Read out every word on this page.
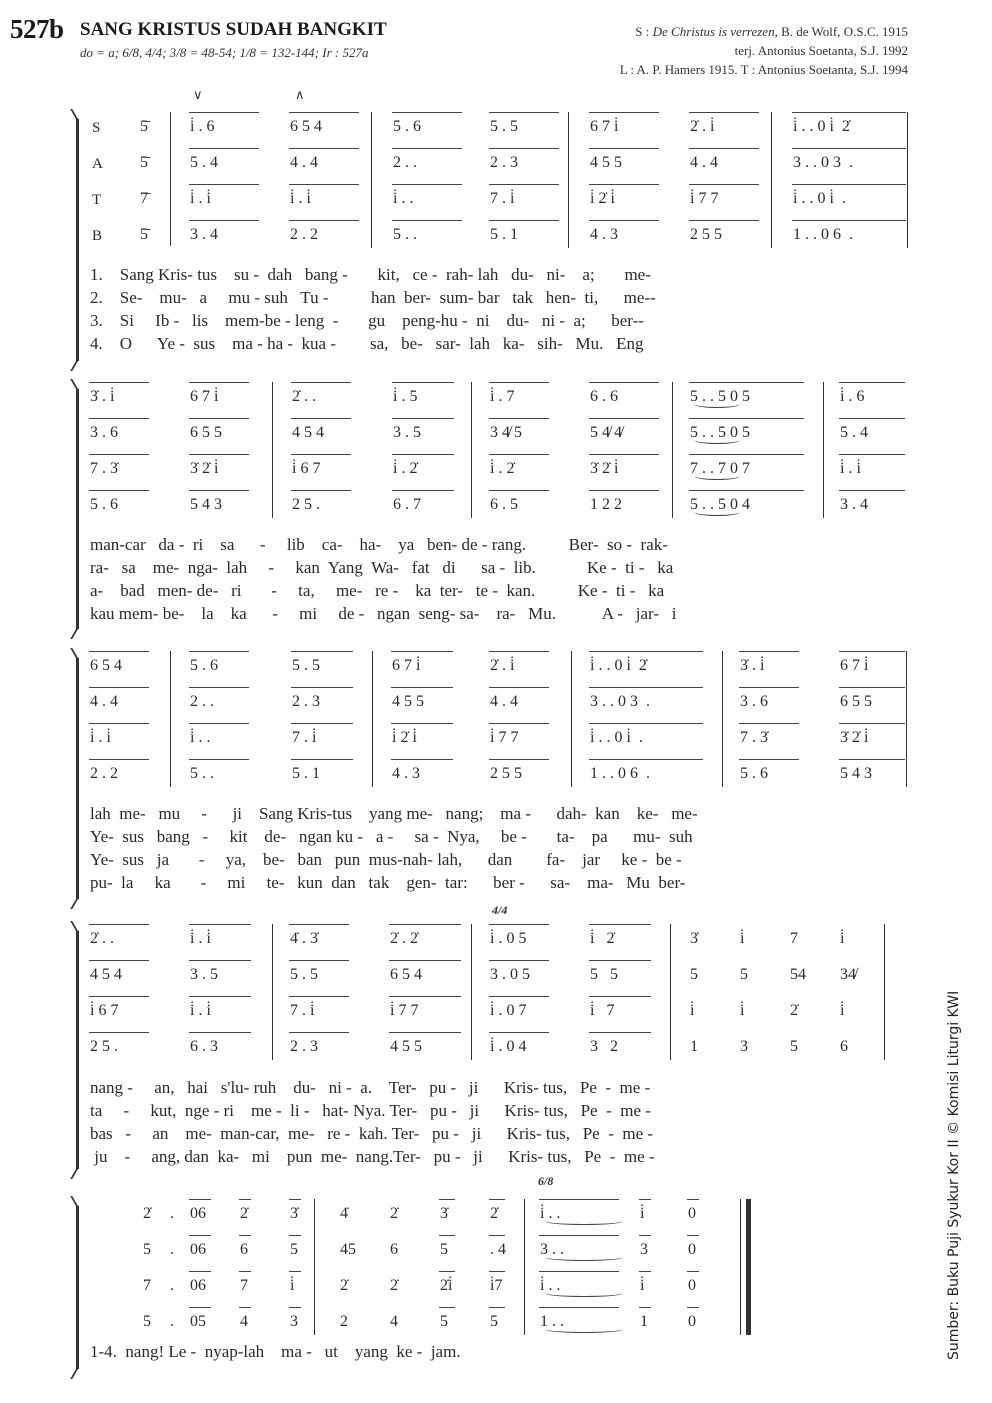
527b SANG KRISTUS SUDAH BANGKIT
do = a; 6/8, 4/4; 3/8 = 48-54; 1/8 = 132-144; Ir : 527a
S : De Christus is verrezen, B. de Wolf, O.S.C. 1915
terj. Antonius Soetanta, S.J. 1992
L : A. P. Hamers 1915. T : Antonius Soetanta, S.J. 1994
∨	∧
4/4
6/8
S 5̄
A 5̄
T 7̄
B 5̄
i̇ . 6	6 5 4	5 . 6	5 . 5	6 7 i̇	2̇ . i̇	i̇ . . 0 i̇  2̇
5 . 4	4 . 4	2 . .	2 . 3	4 5 5	4 . 4	3 . . 0 3  .
i̇ . i̇	i̇ . i̇	i̇ . .	7 . i̇	i̇ 2̇ i̇	i̇ 7 7	i̇ . . 0 i̇  .
3 . 4	2 . 2	5 . .	5 . 1	4 . 3	2 5 5	1 . . 0 6  .
1.    Sang Kris- tus    su -  dah   bang -       kit,   ce -  rah- lah   du-   ni-    a;       me-
2.    Se-    mu-   a     mu - suh   Tu -          han  ber-  sum- bar   tak   hen-  ti,      me--
3.    Si     Ib -   lis    mem-be - leng  -       gu    peng-hu -  ni    du-   ni -  a;      ber--
4.    O      Ye -  sus    ma - ha -  kua -        sa,   be-   sar-  lah   ka-   sih-   Mu.   Eng
3̇ . i̇	6 7 i̇	2̇ . .	i̇ . 5	i̇ . 7	6 . 6	5 . . 5 0 5	i̇ . 6
3 . 6	6 5 5	4 5 4	3 . 5	3 4̸ 5	5 4̸ 4̸	5 . . 5 0 5	5 . 4
7 . 3̇	3̇ 2̇ i̇	i̇ 6 7	i̇ . 2̇	i̇ . 2̇	3̇ 2̇ i̇	7 . . 7 0 7	i̇ . i̇
5 . 6	5 4 3	2 5 .	6 . 7	6 . 5	1 2 2	5 . . 5 0 4	3 . 4
man-car   da -  ri    sa      -     lib    ca-    ha-    ya   ben- de - rang.          Ber-  so -  rak-
ra-   sa    me-  nga-  lah     -     kan  Yang  Wa-   fat   di      sa -  lib.            Ke -  ti -   ka
a-    bad   men- de-   ri       -     ta,     me-   re -    ka  ter-   te -  kan.          Ke -  ti -   ka
kau mem- be-    la    ka      -     mi     de -   ngan  seng- sa-    ra-   Mu.           A -   jar-   i
6 5 4	5 . 6	5 . 5	6 7 i̇	2̇ . i̇	i̇ . . 0 i̇  2̇	3̇ . i̇	6 7 i̇
4 . 4	2 . .	2 . 3	4 5 5	4 . 4	3 . . 0 3  .	3 . 6	6 5 5
i̇ . i̇	i̇ . .	7 . i̇	i̇ 2̇ i̇	i̇ 7 7	i̇ . . 0 i̇  .	7 . 3̇	3̇ 2̇ i̇
2 . 2	5 . .	5 . 1	4 . 3	2 5 5	1 . . 0 6  .	5 . 6	5 4 3
lah  me-   mu     -      ji    Sang Kris-tus    yang me-   nang;    ma -      dah-  kan    ke-   me-
Ye-  sus   bang   -     kit    de-   ngan ku -   a -     sa -  Nya,     be -       ta-    pa      mu-  suh
Ye-  sus   ja       -     ya,    be-   ban   pun  mus-nah- lah,      dan        fa-    jar     ke -  be -
pu-  la     ka       -     mi     te-   kun  dan   tak    gen-  tar:      ber -      sa-    ma-   Mu  ber-
2̇ . .	i̇ . i̇	4̇ . 3̇	2̇ . 2̇	i̇ . 0 5	i̇   2̇	3̇	i̇	7	i̇
4 5 4	3 . 5	5 . 5	6 5 4	3 . 0 5	5   5	5	5	54 34̸
i̇ 6 7	i̇ . i̇	7 . i̇	i̇ 7 7	i̇ . 0 7	i̇   7	i̇	i̇	2̇	i̇
2 5 .	6 . 3	2 . 3	4 5 5	i̇ . 0 4	3   2	1	3	5	6
nang -     an,   hai   s'lu- ruh    du-   ni -  a.    Ter-   pu -   ji      Kris- tus,   Pe  -  me -
ta     -     kut,  nge - ri    me -  li -   hat- Nya. Ter-   pu -   ji      Kris- tus,   Pe  -  me -
bas   -     an    me-  man-car,  me-   re -  kah. Ter-   pu -   ji      Kris- tus,   Pe  -  me -
ju    -     ang, dan  ka-   mi    pun  me-  nang.Ter-   pu -   ji      Kris- tus,   Pe  -  me -
2̇ . 06 2̇	3̇	4̇	2̇	3̇	2̇	i̇ . .	i̇	0
5 . 06 6	5	45 6	5	. 4 3 . .	3	0
7 . 06 7	i̇	2̇	2̇	2̇i̇ i̇7 i̇ . .	i̇	0
5 . 05 4	3	2	4	5	5	1 . .	1	0
1-4.  nang! Le -  nyap-lah    ma -   ut    yang  ke -  jam.	Sumber: Buku Puji Syukur Kor II © Komisi Liturgi KWI
